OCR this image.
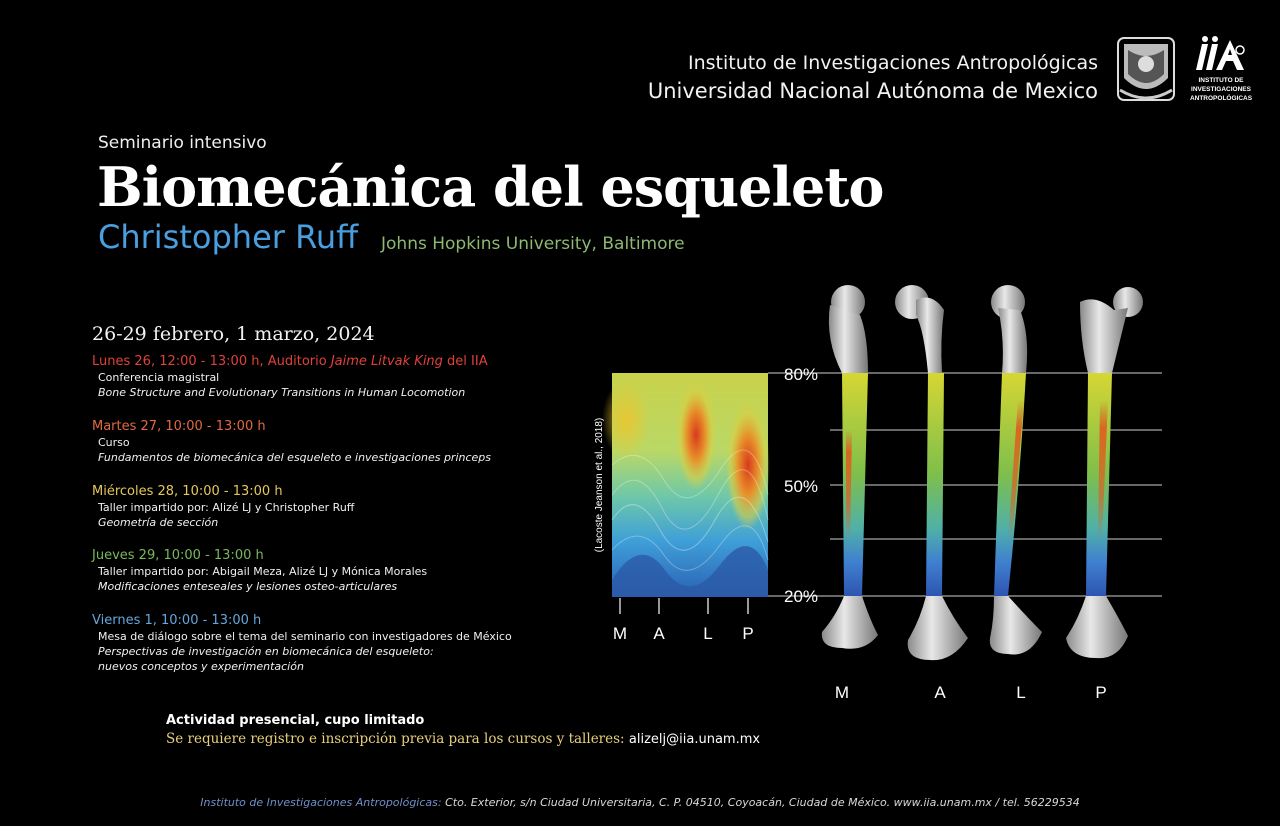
Instituto de Investigaciones Antropológicas
Universidad Nacional Autónoma de Mexico	INSTITUTO DE
INVESTIGACIONES
ANTROPOLÓGICAS
Seminario intensivo
Biomecánica del esqueleto
Christopher Ruff Johns Hopkins University, Baltimore
26-29 febrero, 1 marzo, 2024
Lunes 26, 12:00 - 13:00 h, Auditorio Jaime Litvak King del IIA
Conferencia magistral
Bone Structure and Evolutionary Transitions in Human Locomotion
Martes 27, 10:00 - 13:00 h
Curso
Fundamentos de biomecánica del esqueleto e investigaciones princeps
Miércoles 28, 10:00 - 13:00 h
Taller impartido por: Alizé LJ y Christopher Ruff
Geometría de sección
Jueves 29, 10:00 - 13:00 h
Taller impartido por: Abigail Meza, Alizé LJ y Mónica Morales
Modificaciones enteseales y lesiones osteo-articulares
Viernes 1, 10:00 - 13:00 h
Mesa de diálogo sobre el tema del seminario con investigadores de México
Perspectivas de investigación en biomecánica del esqueleto:
nuevos conceptos y experimentación
(Lacoste Jeanson et al., 2018)
M A L P
80%
50%
20%
M	A	L	P
Actividad presencial, cupo limitado
Se requiere registro e inscripción previa para los cursos y talleres: alizelj@iia.unam.mx
Instituto de Investigaciones Antropológicas: Cto. Exterior, s/n Ciudad Universitaria, C. P. 04510, Coyoacán, Ciudad de México. www.iia.unam.mx / tel. 56229534
